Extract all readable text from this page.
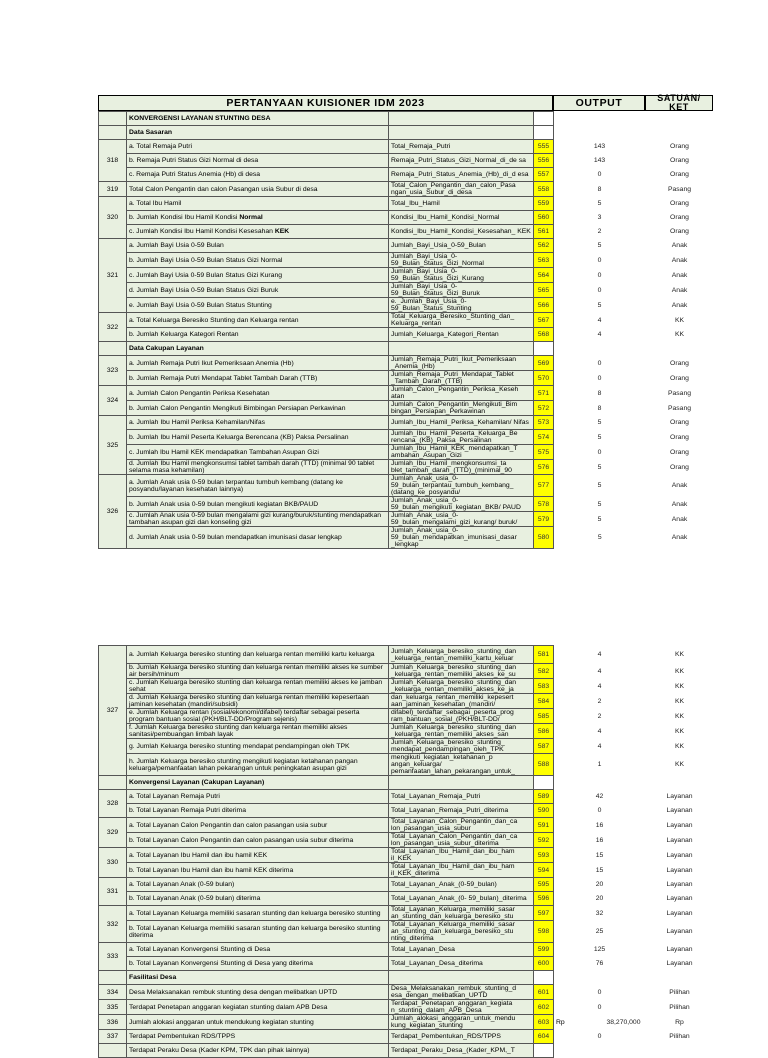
PERTANYAAN KUISIONER IDM 2023	OUTPUT	SATUAN/ KET
	KONVERGENSI LAYANAN STUNTING DESA				
	Data Sasaran				
318	a. Total Remaja Putri	Total_Remaja_Putri	555	143	Orang
	b. Remaja Putri Status Gizi Normal di desa	Remaja_Putri_Status_Gizi_Normal_di_de sa	556	143	Orang
	c. Remaja Putri Status Anemia (Hb) di desa	Remaja_Putri_Status_Anemia_(Hb)_di_d esa	557	0	Orang
319	Total Calon Pengantin dan calon Pasangan usia Subur di desa	Total_Calon_Pengantin_dan_calon_Pasa ngan_usia_Subur_di_desa	558	8	Pasang
320	a. Total Ibu Hamil	Total_Ibu_Hamil	559	5	Orang
	b. Jumlah Kondisi Ibu Hamil Kondisi Normal	Kondisi_Ibu_Hamil_Kondisi_Normal	560	3	Orang
	c. Jumlah Kondisi Ibu Hamil Kondisi Kesesahan KEK	Kondisi_Ibu_Hamil_Kondisi_Kesesahan_ KEK	561	2	Orang
321	a. Jumlah Bayi Usia 0-59 Bulan	Jumlah_Bayi_Usia_0-59_Bulan	562	5	Anak
	b. Jumlah Bayi Usia 0-59 Bulan Status Gizi Normal	Jumlah_Bayi_Usia_0- 59_Bulan_Status_Gizi_Normal	563	0	Anak
	c. Jumlah Bayi Usia 0-59 Bulan Status Gizi Kurang	Jumlah_Bayi_Usia_0- 59_Bulan_Status_Gizi_Kurang	564	0	Anak
	d. Jumlah Bayi Usia 0-59 Bulan Status Gizi Buruk	Jumlah_Bayi_Usia_0- 59_Bulan_Status_Gizi_Buruk	565	0	Anak
	e. Jumlah Bayi Usia 0-59 Bulan Status Stunting	e._Jumlah_Bayi_Usia_0- 59_Bulan_Status_Stunting	566	5	Anak
322	a. Total Keluarga Beresiko Stunting dan Keluarga rentan	Total_Keluarga_Beresiko_Stunting_dan_ Keluarga_rentan	567	4	KK
	b. Jumlah Keluarga Kategori Rentan	Jumlah_Keluarga_Kategori_Rentan	568	4	KK
	Data Cakupan Layanan				
323	a. Jumlah Remaja Putri Ikut Pemeriksaan Anemia (Hb)	Jumlah_Remaja_Putri_Ikut_Pemeriksaan _Anemia_(Hb)	569	0	Orang
	b. Jumlah Remaja Putri Mendapat Tablet Tambah Darah (TTB)	Jumlah_Remaja_Putri_Mendapat_Tablet _Tambah_Darah_(TTB)	570	0	Orang
324	a. Jumlah Calon Pengantin Periksa Kesehatan	Jumlah_Calon_Pengantin_Periksa_Keseh atan	571	8	Pasang
	b. Jumlah Calon Pengantin Mengikuti Bimbingan Persiapan Perkawinan	Jumlah_Calon_Pengantin_Mengikuti_Bim bingan_Persiapan_Perkawinan	572	8	Pasang
325	a. Jumlah Ibu Hamil Periksa Kehamilan/Nifas	Jumlah_Ibu_Hamil_Periksa_Kehamilan/ Nifas	573	5	Orang
	b. Jumlah Ibu Hamil Peserta Keluarga Berencana (KB) Paksa Persalinan	Jumlah_Ibu_Hamil_Peserta_Keluarga_Be rencana_(KB)_Paksa_Persalinan	574	5	Orang
	c. Jumlah Ibu Hamil KEK mendapatkan Tambahan Asupan Gizi	Jumlah_Ibu_Hamil_KEK_mendapatkan_T ambahan_Asupan_Gizi	575	0	Orang
	d. Jumlah Ibu Hamil mengkonsumsi tablet tambah darah (TTD) (minimal 90 tablet selama masa kehamilan)	Jumlah_Ibu_Hamil_mengkonsumsi_ta blet_tambah_darah_(TTD)_(minimal_90	576	5	Orang
326	a. Jumlah Anak usia 0-59 bulan terpantau tumbuh kembang (datang ke posyandu/layanan kesehatan lainnya)	Jumlah_Anak_usia_0-59_bulan_terpantau_tumbuh_kembang_ (datang_ke_posyandu/	577	5	Anak
	b. Jumlah Anak usia 0-59 bulan mengikuti kegiatan BKB/PAUD	Jumlah_Anak_usia_0- 59_bulan_mengikuti_kegiatan_BKB/ PAUD	578	5	Anak
	c. Jumlah Anak usia 0-59 bulan mengalami gizi kurang/buruk/stunting mendapatkan tambahan asupan gizi dan konseling gizi	Jumlah_Anak_usia_0-59_bulan_mengalami_gizi_kurang/ buruk/	579	5	Anak
	d. Jumlah Anak usia 0-59 bulan mendapatkan imunisasi dasar lengkap	Jumlah_Anak_usia_0- 59_bulan_mendapatkan_imunisasi_dasar _lengkap	580	5	Anak
327	a. Jumlah Keluarga beresiko stunting dan keluarga rentan memiliki kartu keluarga	Jumlah_Keluarga_beresiko_stunting_dan _keluarga_rentan_memiliki_kartu_keluar	581		4	KK
	b. Jumlah Keluarga beresiko stunting dan keluarga rentan memiliki akses ke sumber air bersih/minum	Jumlah_Keluarga_beresiko_stunting_dan _keluarga_rentan_memiliki_akses_ke_su	582		4	KK
	c. Jumlah Keluarga beresiko stunting dan keluarga rentan memiliki akses ke jamban sehat	Jumlah_Keluarga_beresiko_stunting_dan _keluarga_rentan_memiliki_akses_ke_ja	583		4	KK
	d. Jumlah Keluarga beresiko stunting dan keluarga rentan memiliki kepesertaan jaminan kesehatan (mandiri/subsidi)	dan_keluarga_rentan_memiliki_kepesert aan_jaminan_kesehatan_(mandiri/	584		2	KK
	e. Jumlah Keluarga rentan (sosial/ekonomi/difabel) terdaftar sebagai peserta program bantuan sosial (PKH/BLT-DD/Program sejenis)	difabel)_terdaftar_sebagai_peserta_prog ram_bantuan_sosial_(PKH/BLT-DD/	585		2	KK
	f. Jumlah Keluarga beresiko stunting dan keluarga rentan memiliki akses sanitasi/pembuangan limbah layak	Jumlah_Keluarga_beresiko_stunting_dan _keluarga_rentan_memiliki_akses_san	586		4	KK
	g. Jumlah Keluarga beresiko stunting mendapat pendampingan oleh TPK	Jumlah_Keluarga_beresiko_stunting_ mendapat_pendampingan_oleh_TPK	587		4	KK
	h. Jumlah Keluarga beresiko stunting mengikuti kegiatan ketahanan pangan keluarga/pemanfaatan lahan pekarangan untuk peningkatan asupan gizi	mengikuti_kegiatan_ketahanan_p angan_keluarga/ pemanfaatan_lahan_pekarangan_untuk_	588		1	KK
	Konvergensi Layanan (Cakupan Layanan)					
328	a. Total Layanan Remaja Putri	Total_Layanan_Remaja_Putri	589		42	Layanan
	b. Total Layanan Remaja Putri diterima	Total_Layanan_Remaja_Putri_diterima	590		0	Layanan
329	a. Total Layanan Calon Pengantin dan calon pasangan usia subur	Total_Layanan_Calon_Pengantin_dan_ca lon_pasangan_usia_subur	591		16	Layanan
	b. Total Layanan Calon Pengantin dan calon pasangan usia subur diterima	Total_Layanan_Calon_Pengantin_dan_ca lon_pasangan_usia_subur_diterima	592		16	Layanan
330	a. Total Layanan Ibu Hamil dan ibu hamil KEK	Total_Layanan_Ibu_Hamil_dan_ibu_ham il_KEK	593		15	Layanan
	b. Total Layanan Ibu Hamil dan ibu hamil KEK diterima	Total_Layanan_Ibu_Hamil_dan_ibu_ham il_KEK_diterima	594		15	Layanan
331	a. Total Layanan Anak (0-59 bulan)	Total_Layanan_Anak_(0-59_bulan)	595		20	Layanan
	b. Total Layanan Anak (0-59 bulan) diterima	Total_Layanan_Anak_(0- 59_bulan)_diterima	596		20	Layanan
332	a. Total Layanan Keluarga memiliki sasaran stunting dan keluarga beresiko stunting	Total_Layanan_Keluarga_memiliki_sasar an_stunting_dan_keluarga_beresiko_stu	597		32	Layanan
	b. Total Layanan Keluarga memiliki sasaran stunting dan keluarga beresiko stunting diterima	Total_Layanan_Keluarga_memiliki_sasar an_stunting_dan_keluarga_beresiko_stu nting_diterima	598		25	Layanan
333	a. Total Layanan Konvergensi Stunting di Desa	Total_Layanan_Desa	599		125	Layanan
	b. Total Layanan Konvergensi Stunting di Desa yang diterima	Total_Layanan_Desa_diterima	600		76	Layanan
	Fasilitasi Desa					
334	Desa Melaksanakan rembuk stunting desa dengan melibatkan UPTD	Desa_Melaksanakan_rembuk_stunting_d esa_dengan_melibatkan_UPTD	601		0	Pilihan
335	Terdapat Penetapan anggaran kegiatan stunting dalam APB Desa	Terdapat_Penetapan_anggaran_kegiata n_stunting_dalam_APB_Desa	602		0	Pilihan
336	Jumlah alokasi anggaran untuk mendukung kegiatan stunting	Jumlah_alokasi_anggaran_untuk_mendu kung_kegiatan_stunting	603	Rp	38,270,000	Rp
337	Terdapat Pembentukan RDS/TPPS	Terdapat_Pembentukan_RDS/TPPS	604		0	Pilihan
	Terdapat Peraku Desa (Kader KPM, TPK dan pihak lainnya)	Terdapat_Peraku_Desa_(Kader_KPM,_T				
